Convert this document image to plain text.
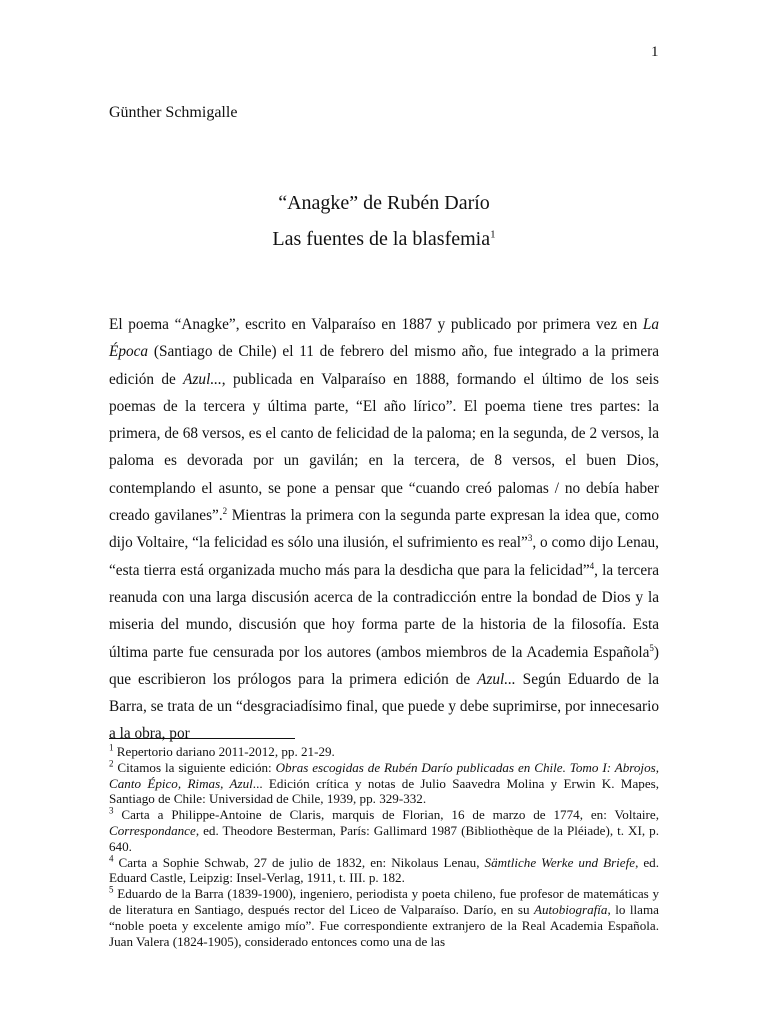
1
Günther Schmigalle
“Anagke” de Rubén Darío
Las fuentes de la blasfemia$^1$

El poema “Anagke”, escrito en Valparaíso en 1887 y publicado por primera vez en La Época (Santiago de Chile) el 11 de febrero del mismo año, fue integrado a la primera edición de Azul..., publicada en Valparaíso en 1888, formando el último de los seis poemas de la tercera y última parte, “El año lírico”. El poema tiene tres partes: la primera, de 68 versos, es el canto de felicidad de la paloma; en la segunda, de 2 versos, la paloma es devorada por un gavilán; en la tercera, de 8 versos, el buen Dios, contemplando el asunto, se pone a pensar que “cuando creó palomas / no debía haber creado gavilanes”.$^2$ Mientras la primera con la segunda parte expresan la idea que, como dijo Voltaire, “la felicidad es sólo una ilusión, el sufrimiento es real”$^3$, o como dijo Lenau, “esta tierra está organizada mucho más para la desdicha que para la felicidad”$^4$, la tercera reanuda con una larga discusión acerca de la contradicción entre la bondad de Dios y la miseria del mundo, discusión que hoy forma parte de la historia de la filosofía. Esta última parte fue censurada por los autores (ambos miembros de la Academia Española$^5$) que escribieron los prólogos para la primera edición de Azul... Según Eduardo de la Barra, se trata de un “desgraciadísimo final, que puede y debe suprimirse, por innecesario a la obra, por

$^1$ Repertorio dariano 2011-2012, pp. 21-29.

$^2$ Citamos la siguiente edición: Obras escogidas de Rubén Darío publicadas en Chile. Tomo I: Abrojos, Canto Épico, Rimas, Azul... Edición crítica y notas de Julio Saavedra Molina y Erwin K. Mapes, Santiago de Chile: Universidad de Chile, 1939, pp. 329-332.

$^3$ Carta a Philippe-Antoine de Claris, marquis de Florian, 16 de marzo de 1774, en: Voltaire, Correspondance, ed. Theodore Besterman, París: Gallimard 1987 (Bibliothèque de la Pléiade), t. XI, p. 640.

$^4$ Carta a Sophie Schwab, 27 de julio de 1832, en: Nikolaus Lenau, Sämtliche Werke und Briefe, ed. Eduard Castle, Leipzig: Insel-Verlag, 1911, t. III. p. 182.

$^5$ Eduardo de la Barra (1839-1900), ingeniero, periodista y poeta chileno, fue profesor de matemáticas y de literatura en Santiago, después rector del Liceo de Valparaíso. Darío, en su Autobiografía, lo llama “noble poeta y excelente amigo mío”. Fue correspondiente extranjero de la Real Academia Española. Juan Valera (1824-1905), considerado entonces como una de las
